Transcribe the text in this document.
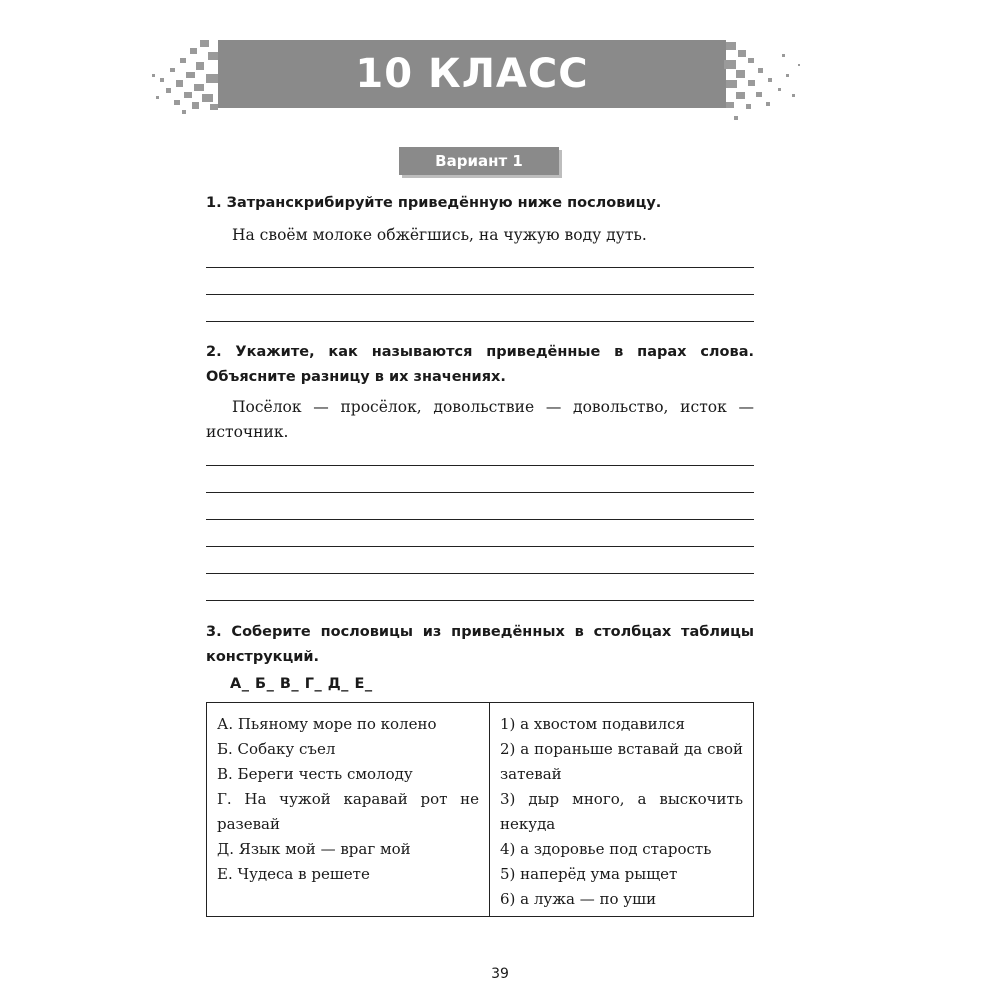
10 КЛАСС
Вариант 1
1. Затранскрибируйте приведённую ниже пословицу.
На своём молоке обжёгшись, на чужую воду дуть.
2. Укажите, как называются приведённые в парах слова. Объясните разницу в их значениях.
Посёлок — просёлок, довольствие — довольство, исток — источник.
3. Соберите пословицы из приведённых в столбцах таблицы конструкций.
А_ Б_ В_ Г_ Д_ Е_
А. Пьяному море по колено
Б. Собаку съел
В. Береги честь смолоду
Г. На чужой каравай рот не разевай
Д. Язык мой — враг мой
Е. Чудеса в решете

1) а хвостом подавился
2) а пораньше вставай да свой затевай
3) дыр много, а выскочить некуда
4) а здоровье под старость
5) наперёд ума рыщет
6) а лужа — по уши
39
